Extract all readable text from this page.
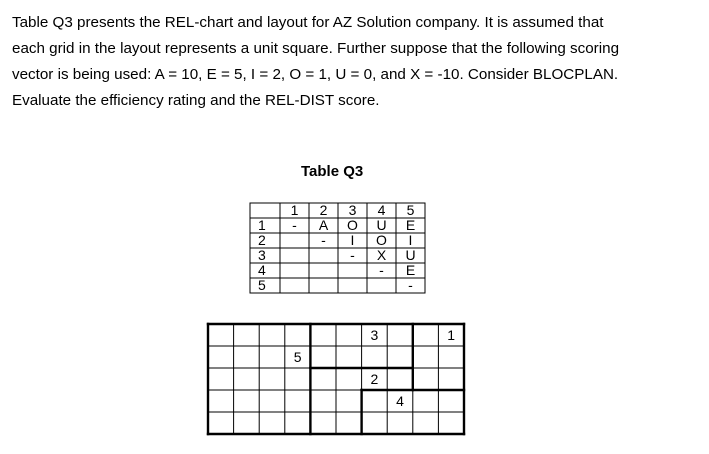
Table Q3 presents the REL-chart and layout for AZ Solution company. It is assumed that
each grid in the layout represents a unit square. Further suppose that the following scoring
vector is being used: A = 10, E = 5, I = 2, O = 1, U = 0, and X = -10. Consider BLOCPLAN.
Evaluate the efficiency rating and the REL-DIST score.
Table Q3
1 2 3 4 5
1
2
3
4
5
- A O U E
- I O I
- X U
- E
-
5
3	1
2
4
